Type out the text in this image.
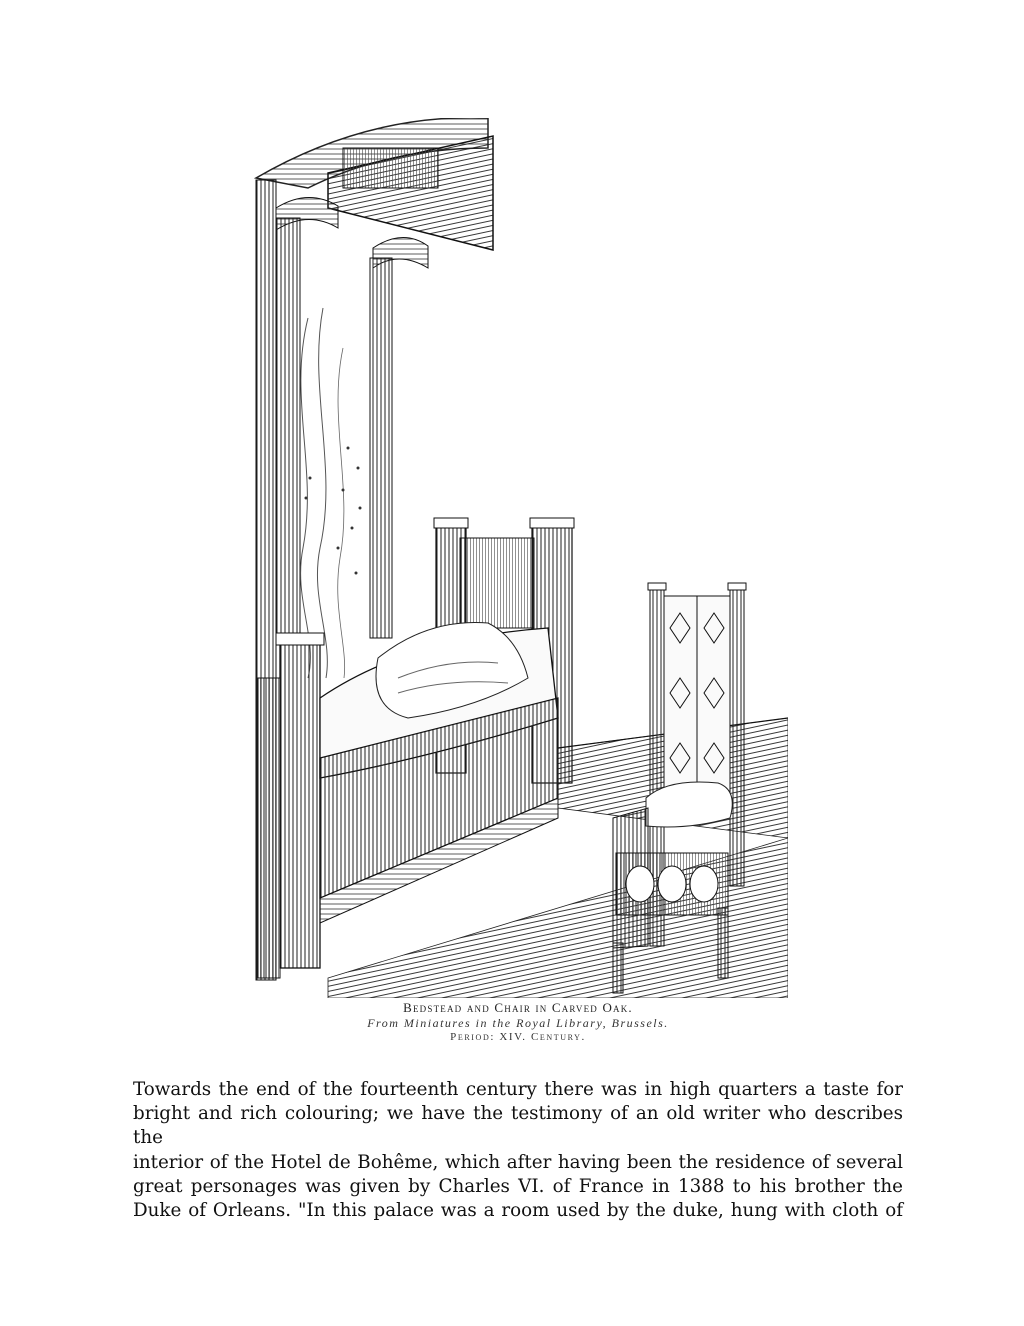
Bedstead and Chair in Carved Oak.
From Miniatures in the Royal Library, Brussels.
Period: XIV. Century.
Towards the end of the fourteenth century there was in high quarters a taste for
bright and rich colouring; we have the testimony of an old writer who describes the
interior of the Hotel de Bohême, which after having been the residence of several
great personages was given by Charles VI. of France in 1388 to his brother the
Duke of Orleans. "In this palace was a room used by the duke, hung with cloth of
